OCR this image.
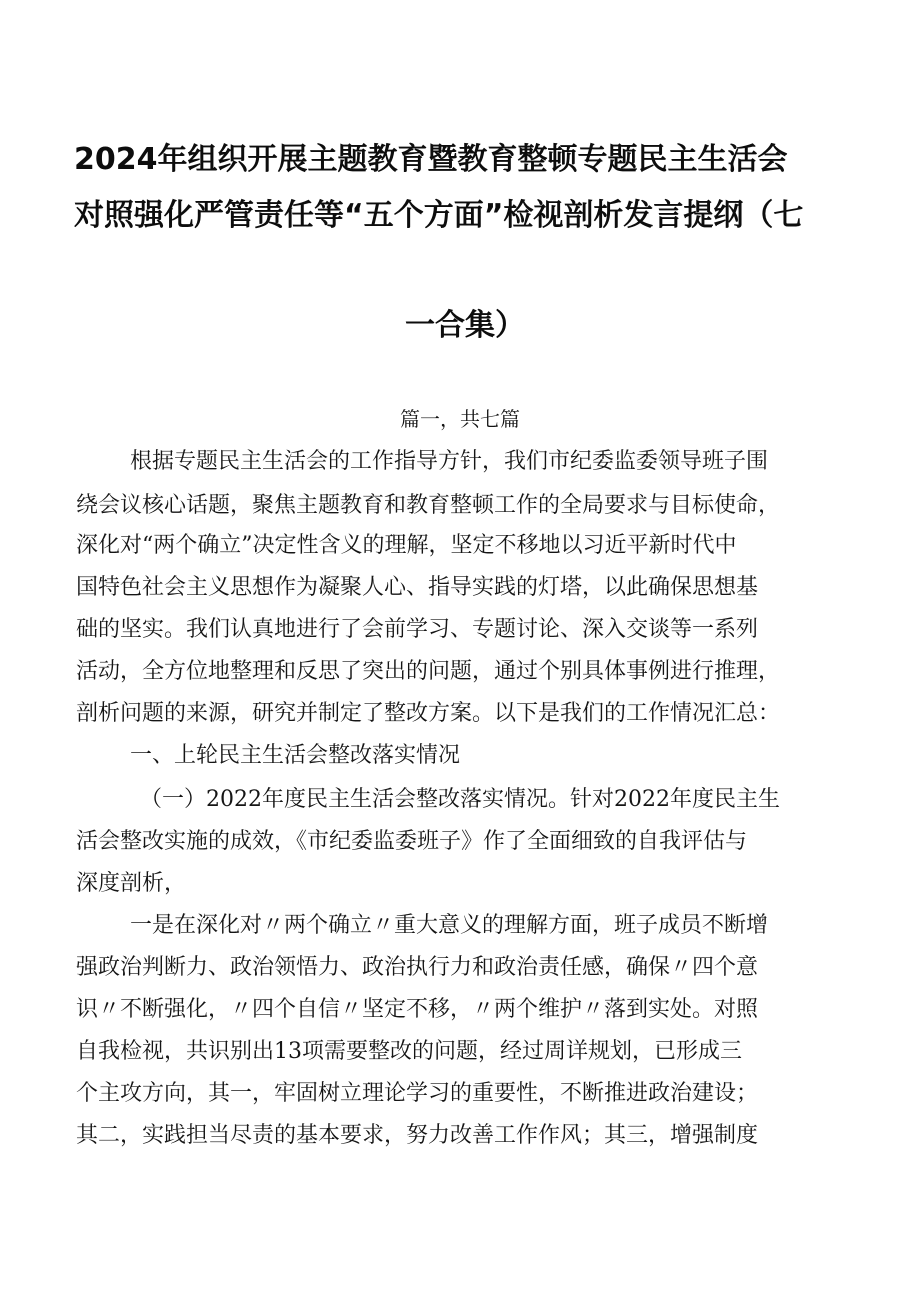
2024年组织开展主题教育暨教育整顿专题民主生活会
对照强化严管责任等“五个方面”检视剖析发言提纲（七
一合集）
篇一，共七篇
根据专题民主生活会的工作指导方针，我们市纪委监委领导班子围
绕会议核心话题，聚焦主题教育和教育整顿工作的全局要求与目标使命，
深化对“两个确立”决定性含义的理解，坚定不移地以习近平新时代中
国特色社会主义思想作为凝聚人心、指导实践的灯塔，以此确保思想基
础的坚实。我们认真地进行了会前学习、专题讨论、深入交谈等一系列
活动，全方位地整理和反思了突出的问题，通过个别具体事例进行推理，
剖析问题的来源，研究并制定了整改方案。以下是我们的工作情况汇总：
一、上轮民主生活会整改落实情况
（一）2022年度民主生活会整改落实情况。针对2022年度民主生
活会整改实施的成效，《市纪委监委班子》作了全面细致的自我评估与
深度剖析，
一是在深化对〃两个确立〃重大意义的理解方面，班子成员不断增
强政治判断力、政治领悟力、政治执行力和政治责任感，确保〃四个意
识〃不断强化，〃四个自信〃坚定不移，〃两个维护〃落到实处。对照
自我检视，共识别出13项需要整改的问题，经过周详规划，已形成三
个主攻方向，其一，牢固树立理论学习的重要性，不断推进政治建设；
其二，实践担当尽责的基本要求，努力改善工作作风；其三，增强制度
